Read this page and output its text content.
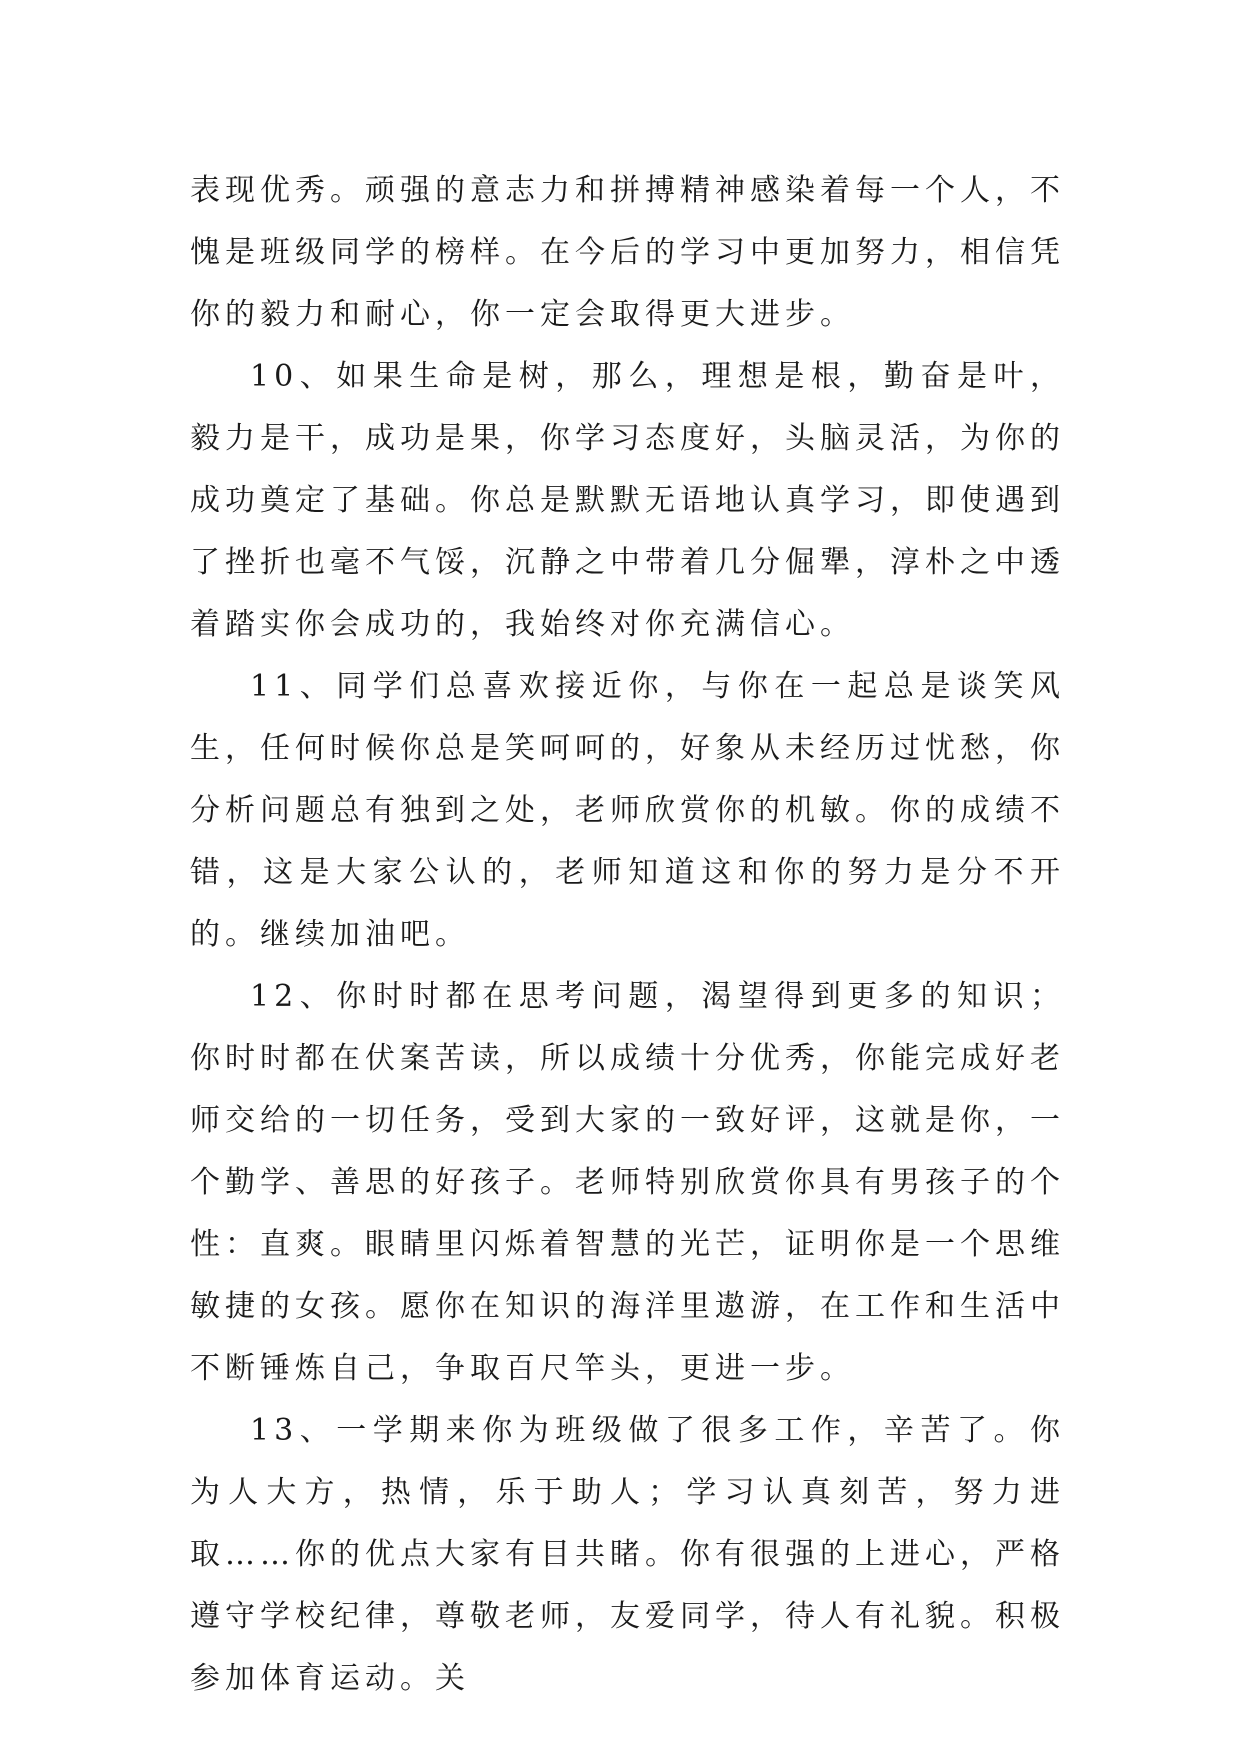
表现优秀。顽强的意志力和拼搏精神感染着每一个人，不愧是班级同学的榜样。在今后的学习中更加努力，相信凭你的毅力和耐心，你一定会取得更大进步。

10、如果生命是树，那么，理想是根，勤奋是叶，毅力是干，成功是果，你学习态度好，头脑灵活，为你的成功奠定了基础。你总是默默无语地认真学习，即使遇到了挫折也毫不气馁，沉静之中带着几分倔犟，淳朴之中透着踏实你会成功的，我始终对你充满信心。

11、同学们总喜欢接近你，与你在一起总是谈笑风生，任何时候你总是笑呵呵的，好象从未经历过忧愁，你分析问题总有独到之处，老师欣赏你的机敏。你的成绩不错，这是大家公认的，老师知道这和你的努力是分不开的。继续加油吧。

12、你时时都在思考问题，渴望得到更多的知识；你时时都在伏案苦读，所以成绩十分优秀，你能完成好老师交给的一切任务，受到大家的一致好评，这就是你，一个勤学、善思的好孩子。老师特别欣赏你具有男孩子的个性：直爽。眼睛里闪烁着智慧的光芒，证明你是一个思维敏捷的女孩。愿你在知识的海洋里遨游，在工作和生活中不断锤炼自己，争取百尺竿头，更进一步。

13、一学期来你为班级做了很多工作，辛苦了。你为人大方，热情，乐于助人；学习认真刻苦，努力进取……你的优点大家有目共睹。你有很强的上进心，严格遵守学校纪律，尊敬老师，友爱同学，待人有礼貌。积极参加体育运动。关
